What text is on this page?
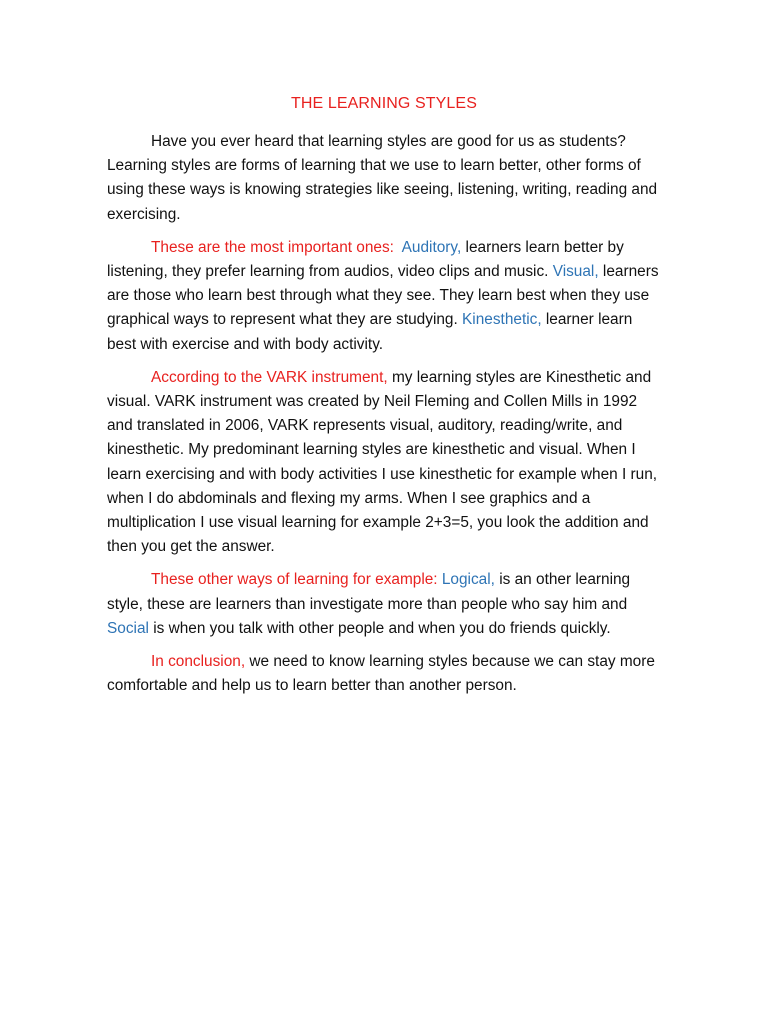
THE LEARNING STYLES

Have you ever heard that learning styles are good for us as students? Learning styles are forms of learning that we use to learn better, other forms of using these ways is knowing strategies like seeing, listening, writing, reading and exercising.

These are the most important ones: Auditory, learners learn better by listening, they prefer learning from audios, video clips and music. Visual, learners are those who learn best through what they see. They learn best when they use graphical ways to represent what they are studying. Kinesthetic, learner learn best with exercise and with body activity.

According to the VARK instrument, my learning styles are Kinesthetic and visual. VARK instrument was created by Neil Fleming and Collen Mills in 1992 and translated in 2006, VARK represents visual, auditory, reading/write, and kinesthetic. My predominant learning styles are kinesthetic and visual. When I learn exercising and with body activities I use kinesthetic for example when I run, when I do abdominals and flexing my arms. When I see graphics and a multiplication I use visual learning for example 2+3=5, you look the addition and then you get the answer.

These other ways of learning for example: Logical, is an other learning style, these are learners than investigate more than people who say him and Social is when you talk with other people and when you do friends quickly.

In conclusion, we need to know learning styles because we can stay more comfortable and help us to learn better than another person.
